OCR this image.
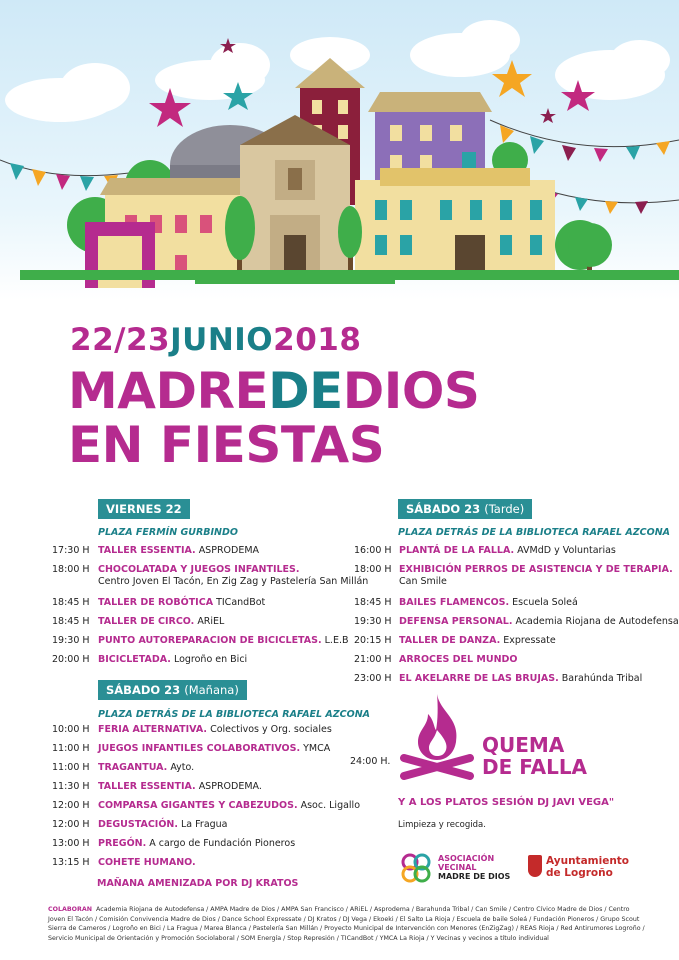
22/23JUNIO2018
MADREDEDIOS
EN FIESTAS
VIERNES 22
PLAZA FERMÍN GURBINDO
17:30 H TALLER ESSENTIA. ASPRODEMA
18:00 H CHOCOLATADA Y JUEGOS INFANTILES.
Centro Joven El Tacón, En Zig Zag y Pastelería San Millán
18:45 H TALLER DE ROBÓTICA TICandBot
18:45 H TALLER DE CIRCO. ARiEL
19:30 H PUNTO AUTOREPARACION DE BICICLETAS. L.E.B
20:00 H BICICLETADA. Logroño en Bici
SÁBADO 23 (Mañana)
PLAZA DETRÁS DE LA BIBLIOTECA RAFAEL AZCONA
10:00 H FERIA ALTERNATIVA. Colectivos y Org. sociales
11:00 H JUEGOS INFANTILES COLABORATIVOS. YMCA
11:00 H TRAGANTUA. Ayto.
11:30 H TALLER ESSENTIA. ASPRODEMA.
12:00 H COMPARSA GIGANTES Y CABEZUDOS. Asoc. Ligallo
12:00 H DEGUSTACIÓN. La Fragua
13:00 H PREGÓN. A cargo de Fundación Pioneros
13:15 H COHETE HUMANO.
MAÑANA AMENIZADA POR DJ KRATOS
SÁBADO 23 (Tarde)
PLAZA DETRÁS DE LA BIBLIOTECA RAFAEL AZCONA
16:00 H PLANTÁ DE LA FALLA. AVMdD y Voluntarias
18:00 H EXHIBICIÓN PERROS DE ASISTENCIA Y DE TERAPIA.
Can Smile
18:45 H BAILES FLAMENCOS. Escuela Soleá
19:30 H DEFENSA PERSONAL. Academia Riojana de Autodefensa
20:15 H TALLER DE DANZA. Expressate
21:00 H ARROCES DEL MUNDO
23:00 H EL AKELARRE DE LAS BRUJAS. Barahúnda Tribal
24:00 H.
QUEMA
DE FALLA
Y A LOS PLATOS SESIÓN DJ JAVI VEGA"
Limpieza y recogida.
ASOCIACIÓN
VECINAL
MADRE DE DIOS
Ayuntamiento
de Logroño
COLABORAN Academia Riojana de Autodefensa / AMPA Madre de Dios / AMPA San Francisco / ARiEL / Asprodema / Barahunda Tribal / Can Smile / Centro Cívico Madre de Dios / Centro Joven El Tacón / Comisión Convivencia Madre de Dios / Dance School Expressate / DJ Kratos / DJ Vega / Ekoeki / El Salto La Rioja / Escuela de baile Soleá / Fundación Pioneros / Grupo Scout Sierra de Cameros / Logroño en Bici / La Fragua / Marea Blanca / Pastelería San Millán / Proyecto Municipal de Intervención con Menores (EnZigZag) / REAS Rioja / Red Antirumores Logroño / Servicio Municipal de Orientación y Promoción Sociolaboral / SOM Energía / Stop Represión / TICandBot / YMCA La Rioja / Y Vecinas y vecinos a título individual
